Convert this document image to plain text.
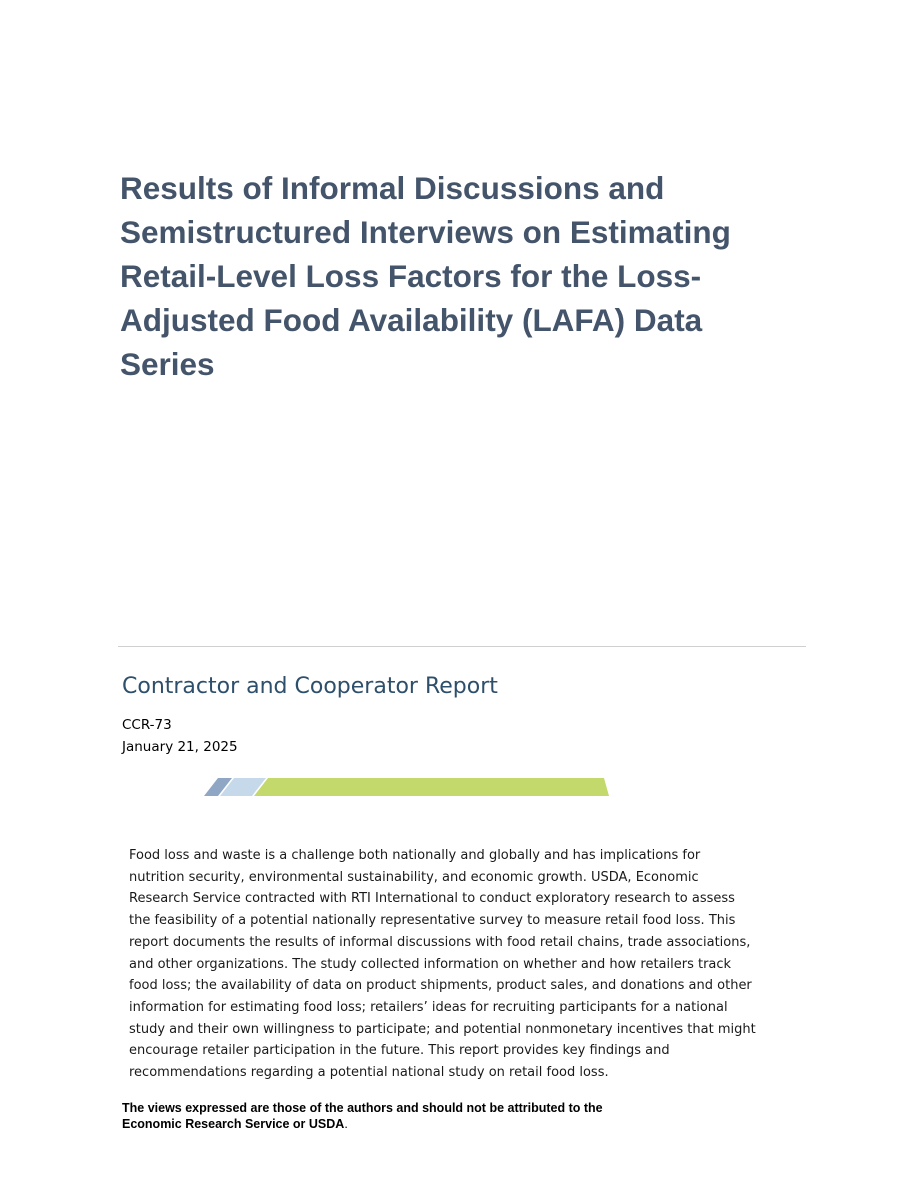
Results of Informal Discussions and
Semistructured Interviews on Estimating
Retail-Level Loss Factors for the Loss-
Adjusted Food Availability (LAFA) Data
Series
Contractor and Cooperator Report
CCR-73
January 21, 2025
Food loss and waste is a challenge both nationally and globally and has implications for
nutrition security, environmental sustainability, and economic growth. USDA, Economic
Research Service contracted with RTI International to conduct exploratory research to assess
the feasibility of a potential nationally representative survey to measure retail food loss. This
report documents the results of informal discussions with food retail chains, trade associations,
and other organizations. The study collected information on whether and how retailers track
food loss; the availability of data on product shipments, product sales, and donations and other
information for estimating food loss; retailers’ ideas for recruiting participants for a national
study and their own willingness to participate; and potential nonmonetary incentives that might
encourage retailer participation in the future. This report provides key findings and
recommendations regarding a potential national study on retail food loss.
The views expressed are those of the authors and should not be attributed to the
Economic Research Service or USDA.
